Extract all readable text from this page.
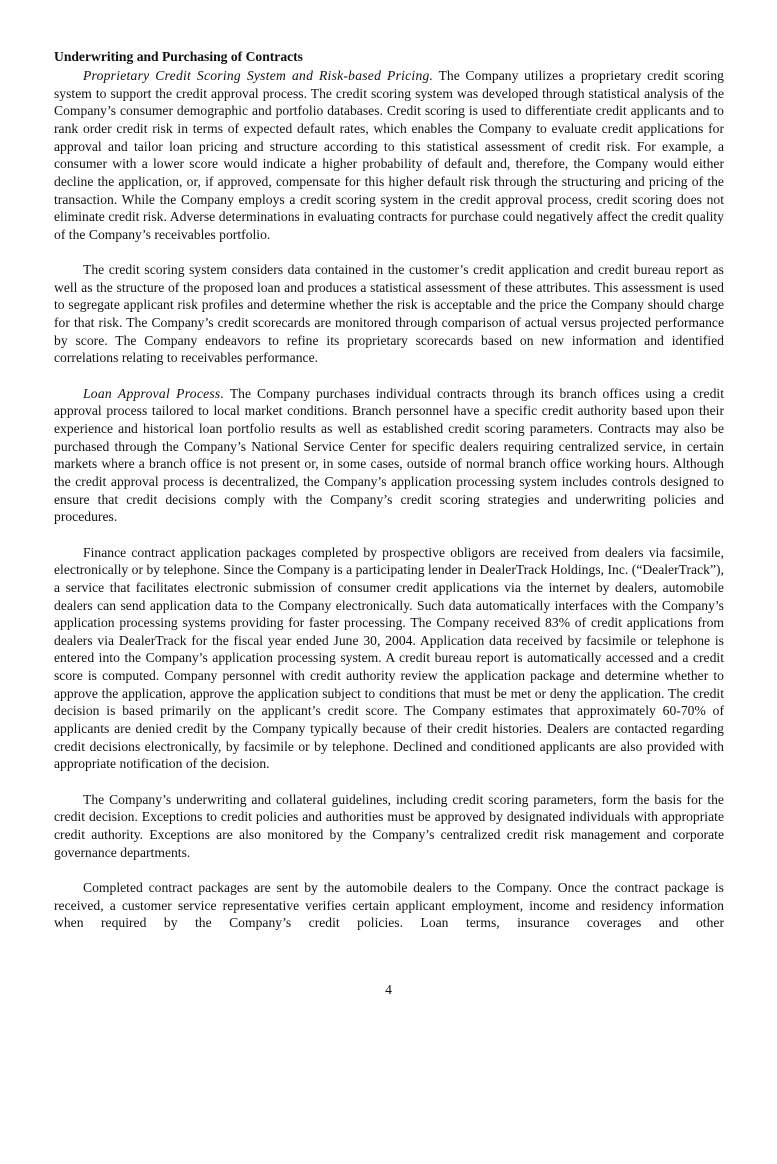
Underwriting and Purchasing of Contracts

Proprietary Credit Scoring System and Risk-based Pricing. The Company utilizes a proprietary credit scoring system to support the credit approval process. The credit scoring system was developed through statistical analysis of the Company’s consumer demographic and portfolio databases. Credit scoring is used to differentiate credit applicants and to rank order credit risk in terms of expected default rates, which enables the Company to evaluate credit applications for approval and tailor loan pricing and structure according to this statistical assessment of credit risk. For example, a consumer with a lower score would indicate a higher probability of default and, therefore, the Company would either decline the application, or, if approved, compensate for this higher default risk through the structuring and pricing of the transaction. While the Company employs a credit scoring system in the credit approval process, credit scoring does not eliminate credit risk. Adverse determinations in evaluating contracts for purchase could negatively affect the credit quality of the Company’s receivables portfolio.

The credit scoring system considers data contained in the customer’s credit application and credit bureau report as well as the structure of the proposed loan and produces a statistical assessment of these attributes. This assessment is used to segregate applicant risk profiles and determine whether the risk is acceptable and the price the Company should charge for that risk. The Company’s credit scorecards are monitored through comparison of actual versus projected performance by score. The Company endeavors to refine its proprietary scorecards based on new information and identified correlations relating to receivables performance.

Loan Approval Process. The Company purchases individual contracts through its branch offices using a credit approval process tailored to local market conditions. Branch personnel have a specific credit authority based upon their experience and historical loan portfolio results as well as established credit scoring parameters. Contracts may also be purchased through the Company’s National Service Center for specific dealers requiring centralized service, in certain markets where a branch office is not present or, in some cases, outside of normal branch office working hours. Although the credit approval process is decentralized, the Company’s application processing system includes controls designed to ensure that credit decisions comply with the Company’s credit scoring strategies and underwriting policies and procedures.

Finance contract application packages completed by prospective obligors are received from dealers via facsimile, electronically or by telephone. Since the Company is a participating lender in DealerTrack Holdings, Inc. (“DealerTrack”), a service that facilitates electronic submission of consumer credit applications via the internet by dealers, automobile dealers can send application data to the Company electronically. Such data automatically interfaces with the Company’s application processing systems providing for faster processing. The Company received 83% of credit applications from dealers via DealerTrack for the fiscal year ended June 30, 2004. Application data received by facsimile or telephone is entered into the Company’s application processing system. A credit bureau report is automatically accessed and a credit score is computed. Company personnel with credit authority review the application package and determine whether to approve the application, approve the application subject to conditions that must be met or deny the application. The credit decision is based primarily on the applicant’s credit score. The Company estimates that approximately 60-70% of applicants are denied credit by the Company typically because of their credit histories. Dealers are contacted regarding credit decisions electronically, by facsimile or by telephone. Declined and conditioned applicants are also provided with appropriate notification of the decision.

The Company’s underwriting and collateral guidelines, including credit scoring parameters, form the basis for the credit decision. Exceptions to credit policies and authorities must be approved by designated individuals with appropriate credit authority. Exceptions are also monitored by the Company’s centralized credit risk management and corporate governance departments.

Completed contract packages are sent by the automobile dealers to the Company. Once the contract package is received, a customer service representative verifies certain applicant employment, income and residency information when required by the Company’s credit policies. Loan terms, insurance coverages and other

4
